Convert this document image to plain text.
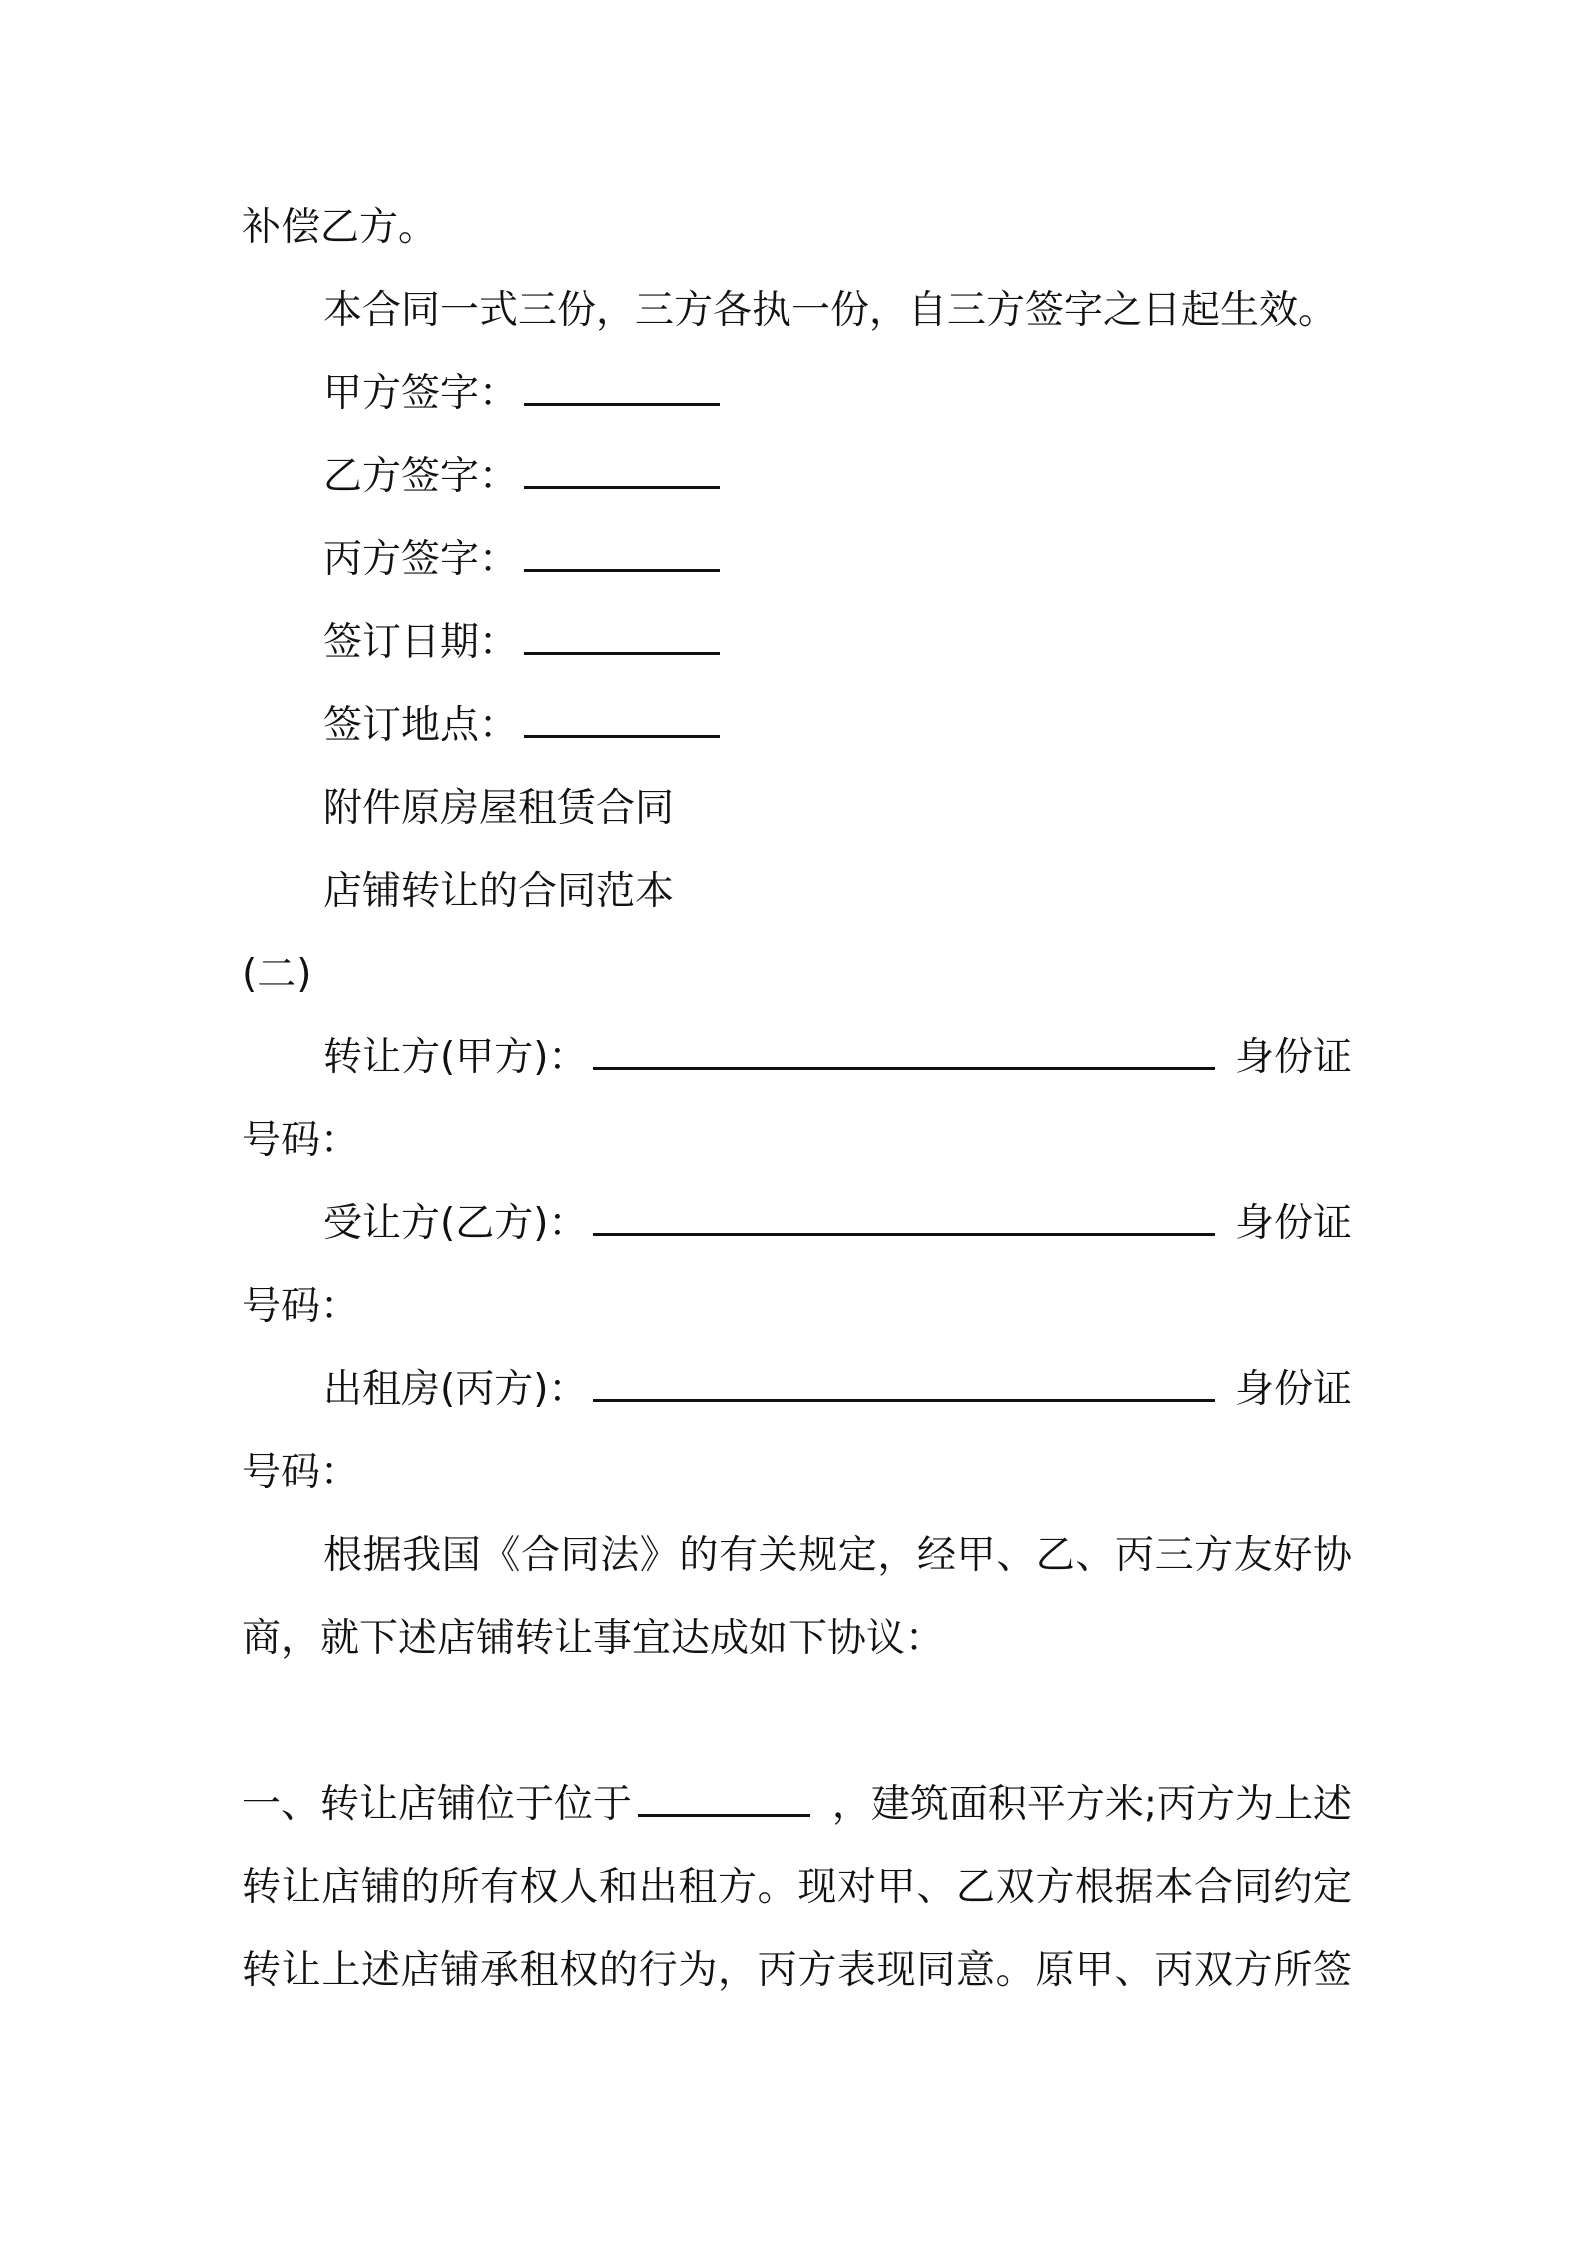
补偿乙方。
本合同一式三份，三方各执一份，自三方签字之日起生效。
甲方签字：
乙方签字：
丙方签字：
签订日期：
签订地点：
附件原房屋租赁合同
店铺转让的合同范本
(二)
转让方(甲方)：	身份证
号码：
受让方(乙方)：	身份证
号码：
出租房(丙方)：	身份证
号码：
根据我国《合同法》的有关规定，经甲、乙、丙三方友好协
商，就下述店铺转让事宜达成如下协议：
一、转让店铺位于位于	，建筑面积平方米;丙方为上述
转让店铺的所有权人和出租方。现对甲、乙双方根据本合同约定
转让上述店铺承租权的行为，丙方表现同意。原甲、丙双方所签
